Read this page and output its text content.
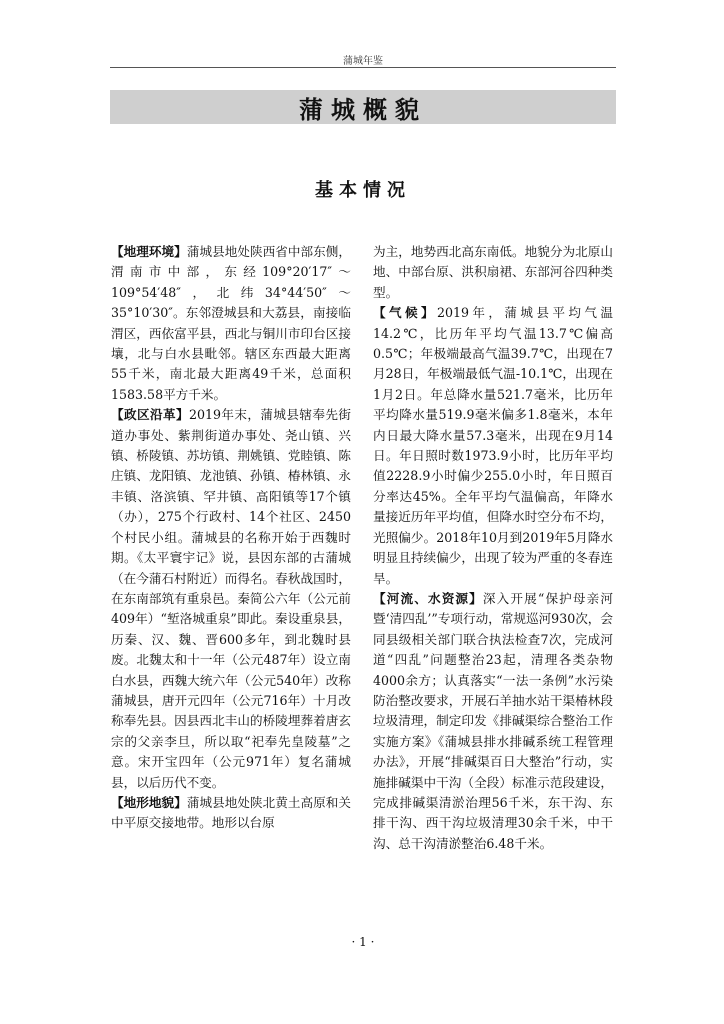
蒲城年鉴
蒲城概貌
基本情况

【地理环境】蒲城县地处陕西省中部东侧，渭南市中部，东经109°20′17″～109°54′48″，北纬34°44′50″～35°10′30″。东邻澄城县和大荔县，南接临渭区，西依富平县，西北与铜川市印台区接壤，北与白水县毗邻。辖区东西最大距离55千米，南北最大距离49千米，总面积1583.58平方千米。

【政区沿革】2019年末，蒲城县辖奉先街道办事处、紫荆街道办事处、尧山镇、兴镇、桥陵镇、苏坊镇、荆姚镇、党睦镇、陈庄镇、龙阳镇、龙池镇、孙镇、椿林镇、永丰镇、洛滨镇、罕井镇、高阳镇等17个镇（办），275个行政村、14个社区、2450个村民小组。蒲城县的名称开始于西魏时期。《太平寰宇记》说，县因东部的古蒲城（在今蒲石村附近）而得名。春秋战国时，在东南部筑有重泉邑。秦简公六年（公元前409年）“堑洛城重泉”即此。秦设重泉县，历秦、汉、魏、晋600多年，到北魏时县废。北魏太和十一年（公元487年）设立南白水县，西魏大统六年（公元540年）改称蒲城县，唐开元四年（公元716年）十月改称奉先县。因县西北丰山的桥陵埋葬着唐玄宗的父亲李旦，所以取“祀奉先皇陵墓”之意。宋开宝四年（公元971年）复名蒲城县，以后历代不变。

【地形地貌】蒲城县地处陕北黄土高原和关中平原交接地带。地形以台原

为主，地势西北高东南低。地貌分为北原山地、中部台原、洪积扇裙、东部河谷四种类型。

【气候】2019年，蒲城县平均气温14.2℃，比历年平均气温13.7℃偏高0.5℃；年极端最高气温39.7℃，出现在7月28日，年极端最低气温-10.1℃，出现在1月2日。年总降水量521.7毫米，比历年平均降水量519.9毫米偏多1.8毫米，本年内日最大降水量57.3毫米，出现在9月14日。年日照时数1973.9小时，比历年平均值2228.9小时偏少255.0小时，年日照百分率达45%。全年平均气温偏高，年降水量接近历年平均值，但降水时空分布不均，光照偏少。2018年10月到2019年5月降水明显且持续偏少，出现了较为严重的冬春连旱。

【河流、水资源】深入开展“保护母亲河暨‘清四乱’”专项行动，常规巡河930次，会同县级相关部门联合执法检查7次，完成河道“四乱”问题整治23起，清理各类杂物4000余方；认真落实“一法一条例”水污染防治整改要求，开展石羊抽水站干渠椿林段垃圾清理，制定印发《排碱渠综合整治工作实施方案》《蒲城县排水排碱系统工程管理办法》，开展“排碱渠百日大整治”行动，实施排碱渠中干沟（全段）标准示范段建设，完成排碱渠清淤治理56千米，东干沟、东排干沟、西干沟垃圾清理30余千米，中干沟、总干沟清淤整治6.48千米。

· 1 ·
